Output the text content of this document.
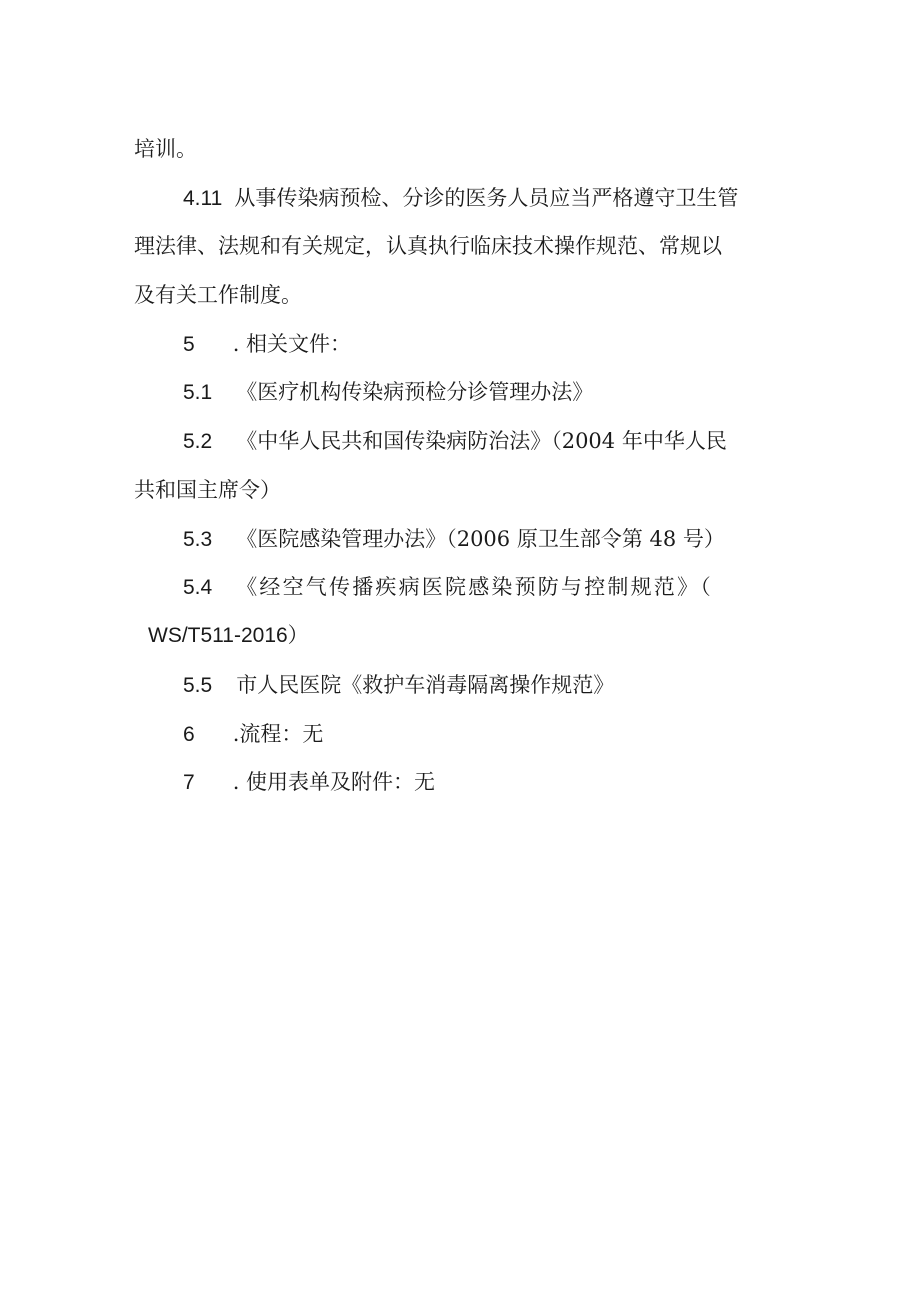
培训。
4.11 从事传染病预检、分诊的医务人员应当严格遵守卫生管
理法律、法规和有关规定，认真执行临床技术操作规范、常规以
及有关工作制度。
5 . 相关文件：
5.1 《医疗机构传染病预检分诊管理办法》
5.2 《中华人民共和国传染病防治法》（2004 年中华人民
共和国主席令）
5.3 《医院感染管理办法》（2006 原卫生部令第 48 号）
5.4 《经空气传播疾病医院感染预防与控制规范》（
WS/T511-2016）
5.5 市人民医院《救护车消毒隔离操作规范》
6 .流程：无
7 . 使用表单及附件：无
